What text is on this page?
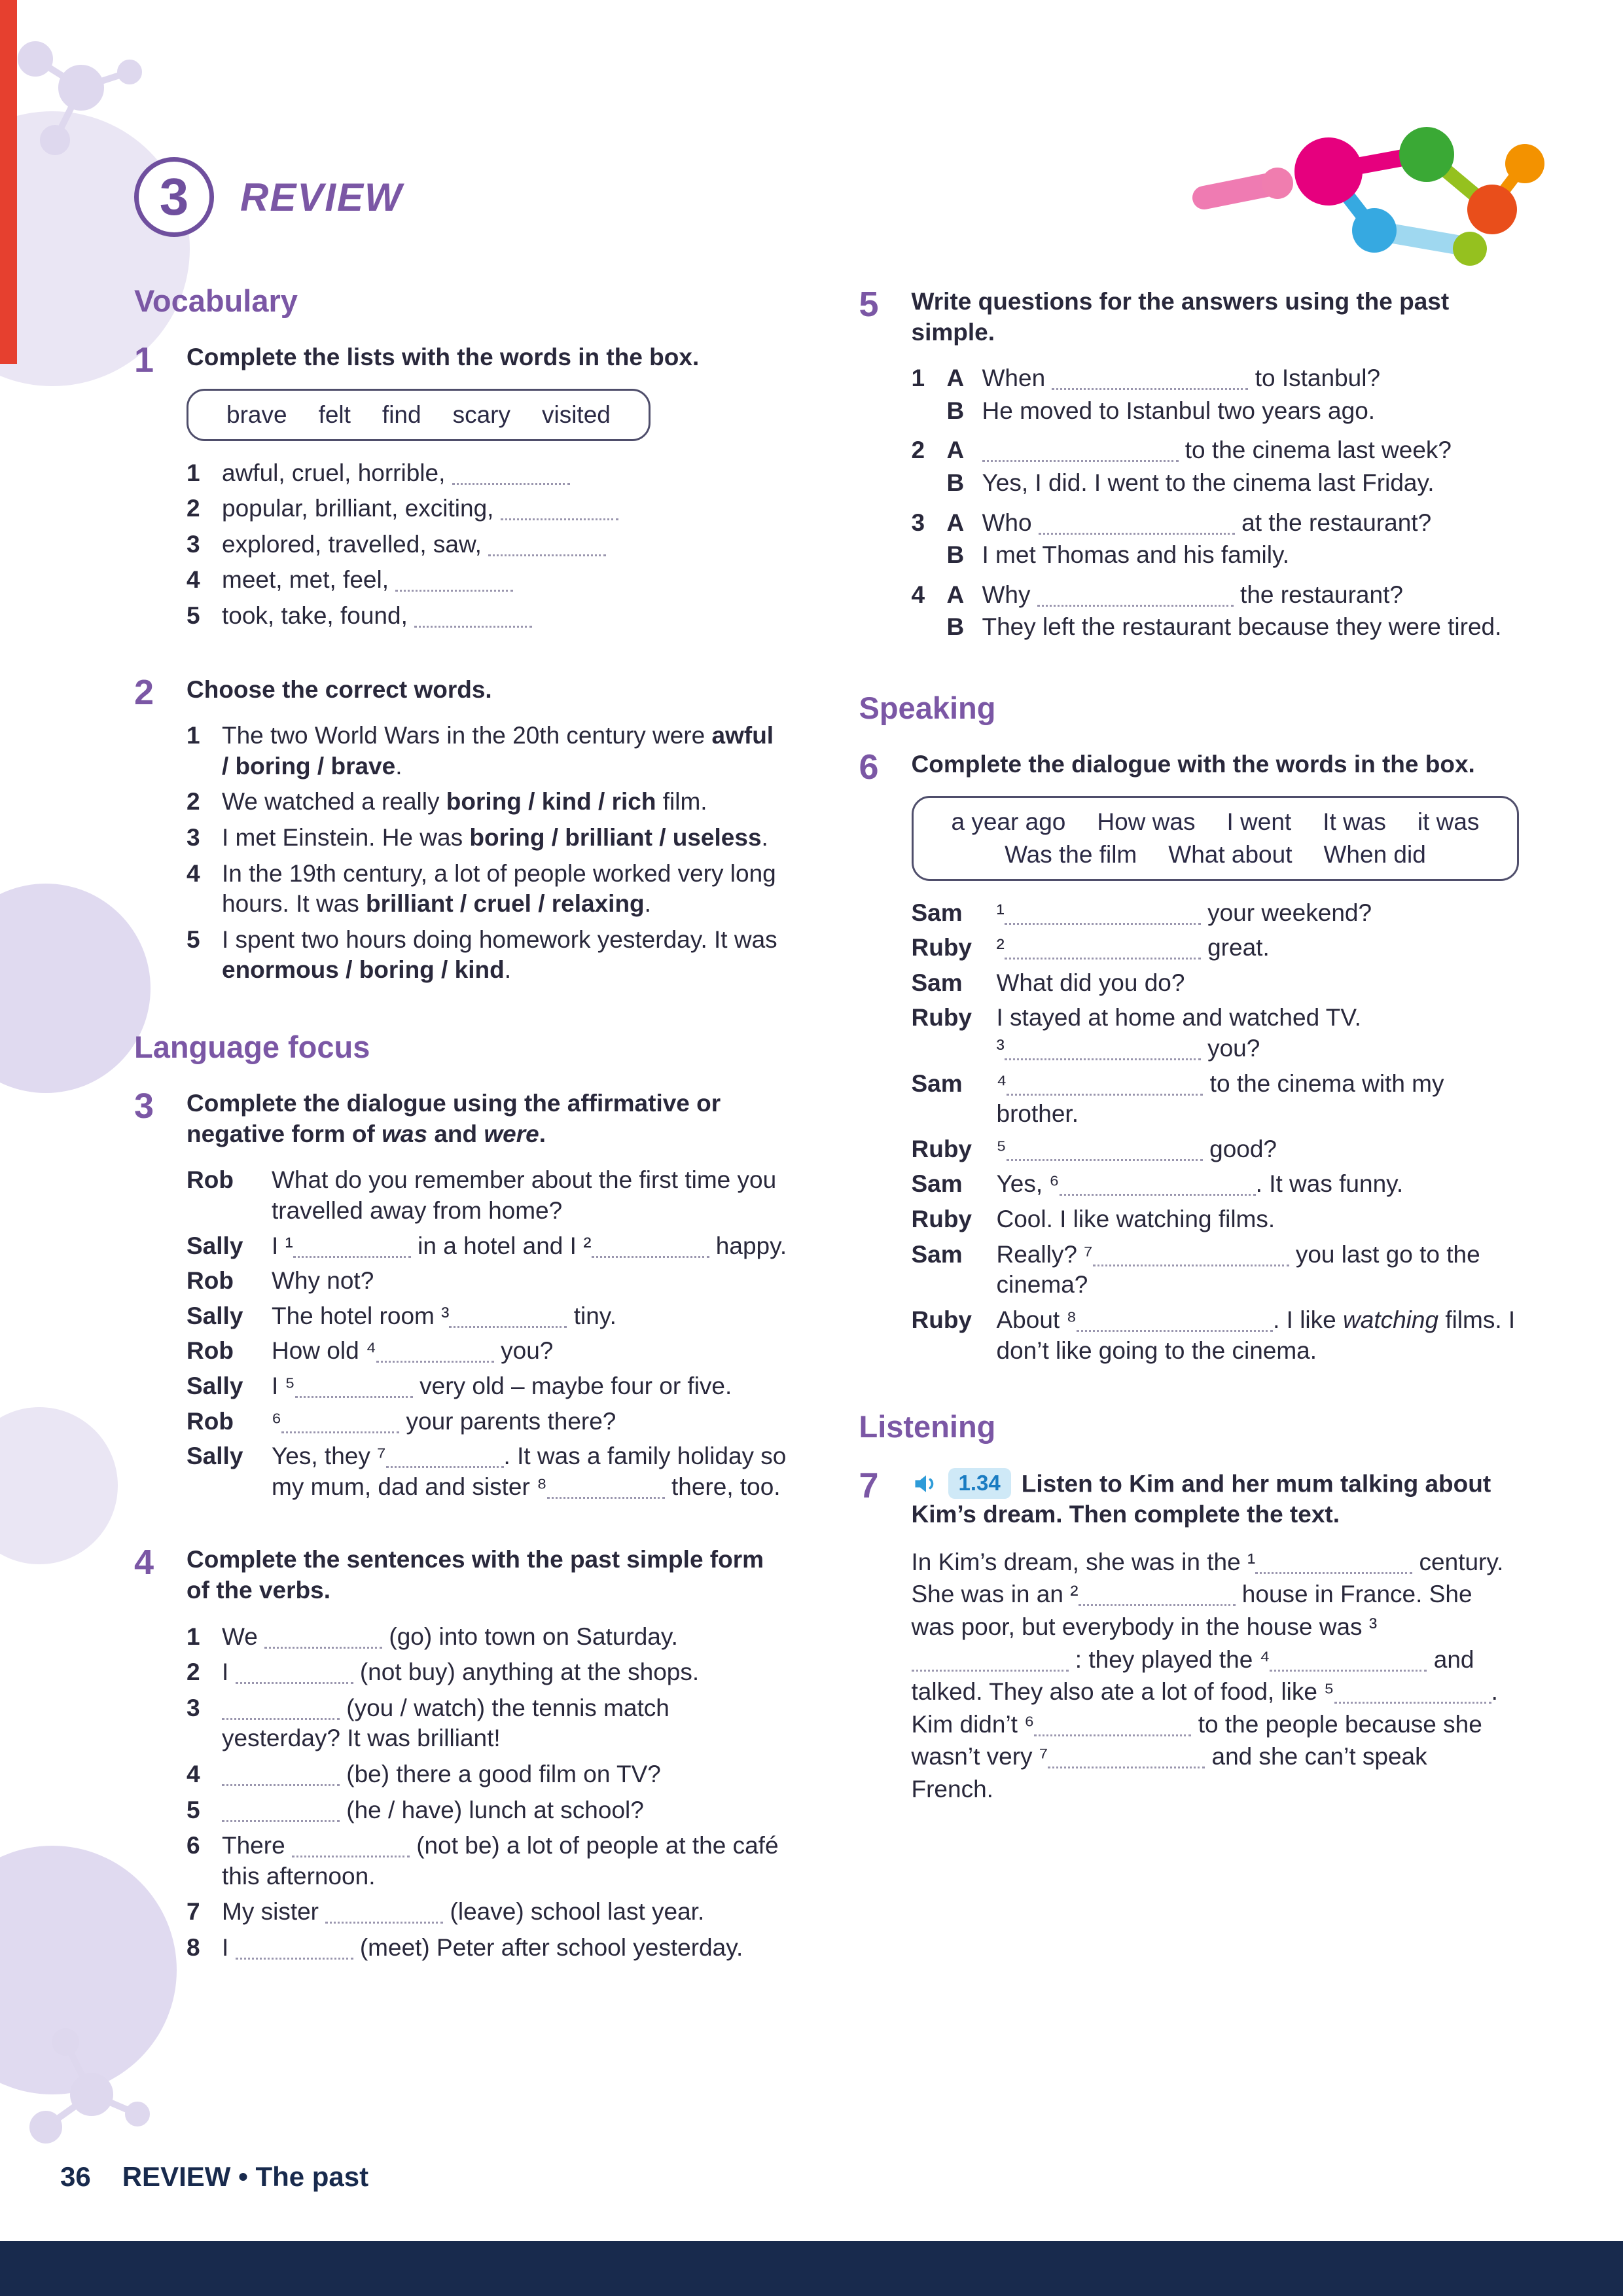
3 REVIEW
Vocabulary
1	Complete the lists with the words in the box.
brave felt find scary visited
1 awful, cruel, horrible,
2 popular, brilliant, exciting,
3 explored, travelled, saw,
4 meet, met, feel,
5 took, take, found,
2	Choose the correct words.
1 The two World Wars in the 20th century were awful / boring / brave.
2 We watched a really boring / kind / rich film.
3 I met Einstein. He was boring / brilliant / useless.
4 In the 19th century, a lot of people worked very long hours. It was brilliant / cruel / relaxing.
5 I spent two hours doing homework yesterday. It was enormous / boring / kind.
Language focus
3	Complete the dialogue using the affirmative or negative form of was and were.
Rob	What do you remember about the first time you travelled away from home?
Sally	I ¹	in a hotel and I ²	happy.
Rob	Why not?
Sally	The hotel room ³	tiny.
Rob	How old ⁴	you?
Sally	I ⁵	very old – maybe four or five.
Rob	⁶	your parents there?
Sally	Yes, they ⁷	. It was a family holiday so my mum, dad and sister ⁸	there, too.
4	Complete the sentences with the past simple form of the verbs.
1 We	(go) into town on Saturday.
2 I	(not buy) anything at the shops.
3	(you / watch) the tennis match yesterday? It was brilliant!
4	(be) there a good film on TV?
5	(he / have) lunch at school?
6 There	(not be) a lot of people at the café this afternoon.
7 My sister	(leave) school last year.
8 I	(meet) Peter after school yesterday.
5	Write questions for the answers using the past simple.
1 A When	to Istanbul?
B He moved to Istanbul two years ago.
2 A	to the cinema last week?
B Yes, I did. I went to the cinema last Friday.
3 A Who	at the restaurant?
B I met Thomas and his family.
4 A Why	the restaurant?
B They left the restaurant because they were tired.
Speaking
6	Complete the dialogue with the words in the box.
a year ago How was I went It was it was
Was the film What about When did
Sam	¹	your weekend?
Ruby	²	great.
Sam	What did you do?
Ruby	I stayed at home and watched TV.
³	you?
Sam	⁴	to the cinema with my brother.
Ruby	⁵	good?
Sam	Yes, ⁶	. It was funny.
Ruby	Cool. I like watching films.
Sam	Really? ⁷	you last go to the cinema?
Ruby	About ⁸	. I like watching films. I don’t like going to the cinema.
Listening
7	1.34 Listen to Kim and her mum talking about Kim’s dream. Then complete the text.
In Kim’s dream, she was in the ¹	century. She was in an ²	house in France. She was poor, but everybody in the house was ³ : they played the ⁴	and talked. They also ate a lot of food, like ⁵	. Kim didn’t ⁶	to the people because she wasn’t very ⁷	and she can’t speak French.
36 REVIEW • The past
